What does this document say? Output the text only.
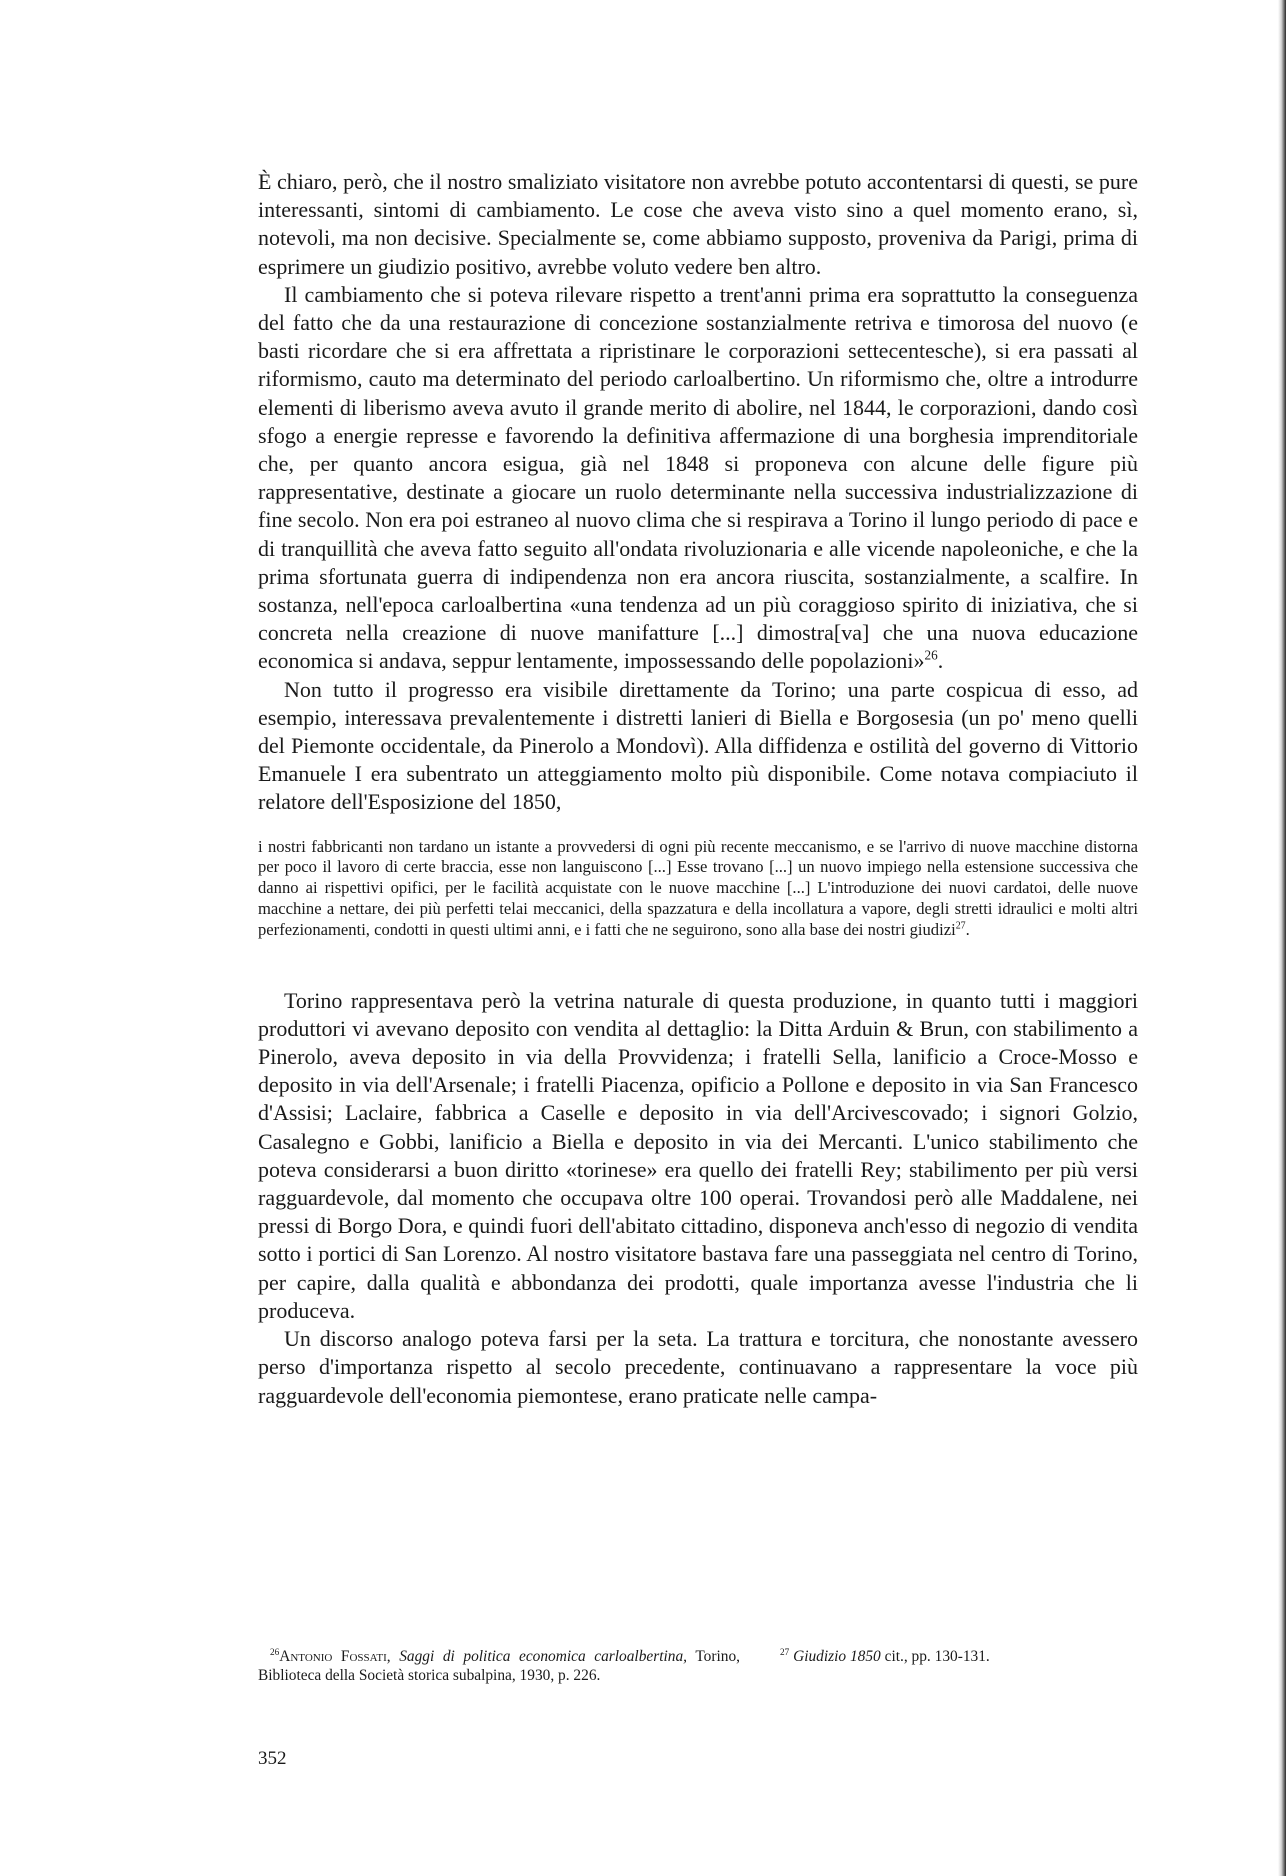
È chiaro, però, che il nostro smaliziato visitatore non avrebbe potuto accontentarsi di questi, se pure interessanti, sintomi di cambiamento. Le cose che aveva visto sino a quel momento erano, sì, notevoli, ma non decisive. Specialmente se, come abbiamo supposto, proveniva da Parigi, prima di esprimere un giudizio positivo, avrebbe voluto vedere ben altro.

Il cambiamento che si poteva rilevare rispetto a trent'anni prima era soprattutto la conseguenza del fatto che da una restaurazione di concezione sostanzialmente retriva e timorosa del nuovo (e basti ricordare che si era affrettata a ripristinare le corporazioni settecentesche), si era passati al riformismo, cauto ma determinato del periodo carloalbertino. Un riformismo che, oltre a introdurre elementi di liberismo aveva avuto il grande merito di abolire, nel 1844, le corporazioni, dando così sfogo a energie represse e favorendo la definitiva affermazione di una borghesia imprenditoriale che, per quanto ancora esigua, già nel 1848 si proponeva con alcune delle figure più rappresentative, destinate a giocare un ruolo determinante nella successiva industrializzazione di fine secolo. Non era poi estraneo al nuovo clima che si respirava a Torino il lungo periodo di pace e di tranquillità che aveva fatto seguito all'ondata rivoluzionaria e alle vicende napoleoniche, e che la prima sfortunata guerra di indipendenza non era ancora riuscita, sostanzialmente, a scalfire. In sostanza, nell'epoca carloalbertina «una tendenza ad un più coraggioso spirito di iniziativa, che si concreta nella creazione di nuove manifatture [...] dimostra[va] che una nuova educazione economica si andava, seppur lentamente, impossessando delle popolazioni»$^{26}$.

Non tutto il progresso era visibile direttamente da Torino; una parte cospicua di esso, ad esempio, interessava prevalentemente i distretti lanieri di Biella e Borgosesia (un po' meno quelli del Piemonte occidentale, da Pinerolo a Mondovì). Alla diffidenza e ostilità del governo di Vittorio Emanuele I era subentrato un atteggiamento molto più disponibile. Come notava compiaciuto il relatore dell'Esposizione del 1850,

i nostri fabbricanti non tardano un istante a provvedersi di ogni più recente meccanismo, e se l'arrivo di nuove macchine distorna per poco il lavoro di certe braccia, esse non languiscono [...] Esse trovano [...] un nuovo impiego nella estensione successiva che danno ai rispettivi opifici, per le facilità acquistate con le nuove macchine [...] L'introduzione dei nuovi cardatoi, delle nuove macchine a nettare, dei più perfetti telai meccanici, della spazzatura e della incollatura a vapore, degli stretti idraulici e molti altri perfezionamenti, condotti in questi ultimi anni, e i fatti che ne seguirono, sono alla base dei nostri giudizi$^{27}$.

Torino rappresentava però la vetrina naturale di questa produzione, in quanto tutti i maggiori produttori vi avevano deposito con vendita al dettaglio: la Ditta Arduin & Brun, con stabilimento a Pinerolo, aveva deposito in via della Provvidenza; i fratelli Sella, lanificio a Croce-Mosso e deposito in via dell'Arsenale; i fratelli Piacenza, opificio a Pollone e deposito in via San Francesco d'Assisi; Laclaire, fabbrica a Caselle e deposito in via dell'Arcivescovado; i signori Golzio, Casalegno e Gobbi, lanificio a Biella e deposito in via dei Mercanti. L'unico stabilimento che poteva considerarsi a buon diritto «torinese» era quello dei fratelli Rey; stabilimento per più versi ragguardevole, dal momento che occupava oltre 100 operai. Trovandosi però alle Maddalene, nei pressi di Borgo Dora, e quindi fuori dell'abitato cittadino, disponeva anch'esso di negozio di vendita sotto i portici di San Lorenzo. Al nostro visitatore bastava fare una passeggiata nel centro di Torino, per capire, dalla qualità e abbondanza dei prodotti, quale importanza avesse l'industria che li produceva.

Un discorso analogo poteva farsi per la seta. La trattura e torcitura, che nonostante avessero perso d'importanza rispetto al secolo precedente, continuavano a rappresentare la voce più ragguardevole dell'economia piemontese, erano praticate nelle campa-

$^{26}$Antonio Fossati, Saggi di politica economica carloalbertina, Torino, Biblioteca della Società storica subalpina, 1930, p. 226.

$^{27}$ Giudizio 1850 cit., pp. 130-131.

352
